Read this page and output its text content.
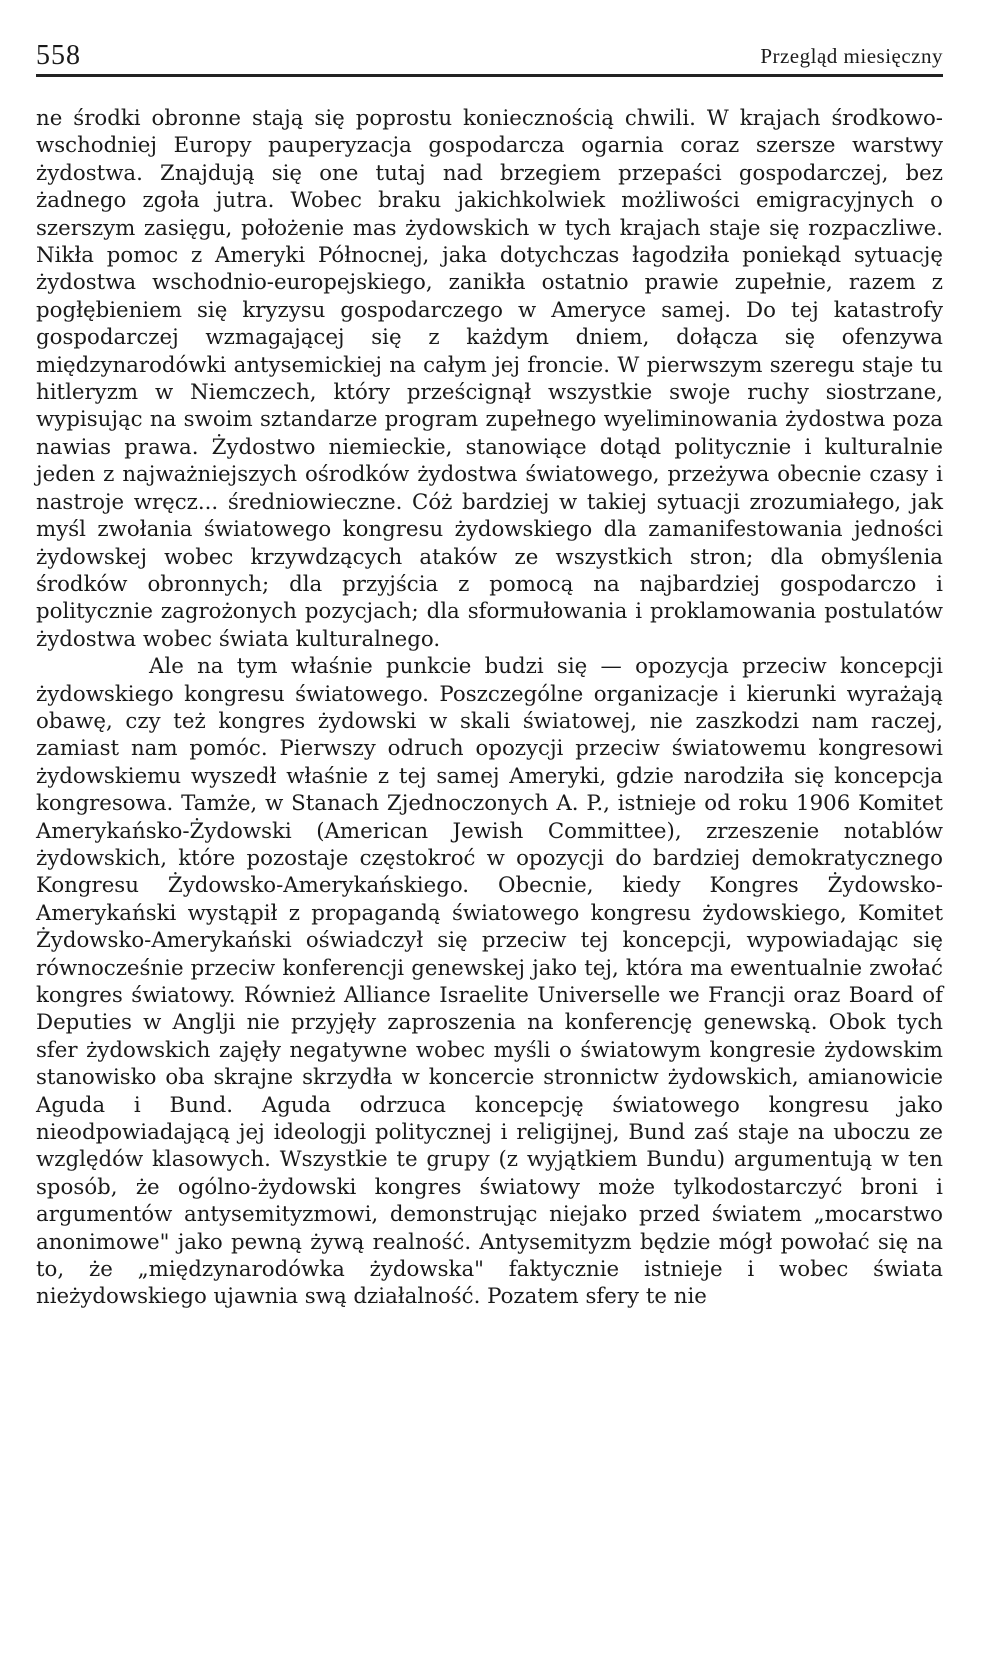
558	Przegląd miesięczny

ne środki obronne stają się poprostu koniecznością chwili. W krajach środkowo-wschodniej Europy pauperyzacja gospodarcza ogarnia coraz szersze warstwy żydostwa. Znajdują się one tutaj nad brzegiem przepaści gospodarczej, bez żadnego zgoła jutra. Wobec braku jakichkolwiek możliwości emigracyjnych o szerszym zasięgu, położenie mas żydowskich w tych krajach staje się rozpaczliwe. Nikła pomoc z Ameryki Północnej, jaka dotychczas łagodziła poniekąd sytuację żydostwa wschodnio-europejskiego, zanikła ostatnio prawie zupełnie, razem z pogłębieniem się kryzysu gospodarczego w Ameryce samej. Do tej katastrofy gospodarczej wzmagającej się z każdym dniem, dołącza się ofenzywa międzynarodówki antysemickiej na całym jej froncie. W pierwszym szeregu staje tu hitleryzm w Niemczech, który prześcignął wszystkie swoje ruchy siostrzane, wypisując na swoim sztandarze program zupełnego wyeliminowania żydostwa poza nawias prawa. Żydostwo niemieckie, stanowiące dotąd politycznie i kulturalnie jeden z najważniejszych ośrodków żydostwa światowego, przeżywa obecnie czasy i nastroje wręcz... średniowieczne. Cóż bardziej w takiej sytuacji zrozumiałego, jak myśl zwołania światowego kongresu żydowskiego dla zamanifestowania jedności żydowskej wobec krzywdzących ataków ze wszystkich stron; dla obmyślenia środków obronnych; dla przyjścia z pomocą na najbardziej gospodarczo i politycznie zagrożonych pozycjach; dla sformułowania i proklamowania postulatów żydostwa wobec świata kulturalnego.

Ale na tym właśnie punkcie budzi się — opozycja przeciw koncepcji żydowskiego kongresu światowego. Poszczególne organizacje i kierunki wyrażają obawę, czy też kongres żydowski w skali światowej, nie zaszkodzi nam raczej, zamiast nam pomóc. Pierwszy odruch opozycji przeciw światowemu kongresowi żydowskiemu wyszedł właśnie z tej samej Ameryki, gdzie narodziła się koncepcja kongresowa. Tamże, w Stanach Zjednoczonych A. P., istnieje od roku 1906 Komitet Amerykańsko-Żydowski (American Jewish Committee), zrzeszenie notablów żydowskich, które pozostaje częstokroć w opozycji do bardziej demokratycznego Kongresu Żydowsko-Amerykańskiego. Obecnie, kiedy Kongres Żydowsko-Amerykański wystąpił z propagandą światowego kongresu żydowskiego, Komitet Żydowsko-Amerykański oświadczył się przeciw tej koncepcji, wypowiadając się równocześnie przeciw konferencji genewskej jako tej, która ma ewentualnie zwołać kongres światowy. Również Alliance Israelite Universelle we Francji oraz Board of Deputies w Anglji nie przyjęły zaproszenia na konferencję genewską. Obok tych sfer żydowskich zajęły negatywne wobec myśli o światowym kongresie żydowskim stanowisko oba skrajne skrzydła w koncercie stronnictw żydowskich, amianowicie Aguda i Bund. Aguda odrzuca koncepcję światowego kongresu jako nieodpowiadającą jej ideologji politycznej i religijnej, Bund zaś staje na uboczu ze względów klasowych. Wszystkie te grupy (z wyjątkiem Bundu) argumentują w ten sposób, że ogólno-żydowski kongres światowy może tylkodostarczyć broni i argumentów antysemityzmowi, demonstrując niejako przed światem „mocarstwo anonimowe" jako pewną żywą realność. Antysemityzm będzie mógł powołać się na to, że „międzynarodówka żydowska" faktycznie istnieje i wobec świata nieżydowskiego ujawnia swą działalność. Pozatem sfery te nie
